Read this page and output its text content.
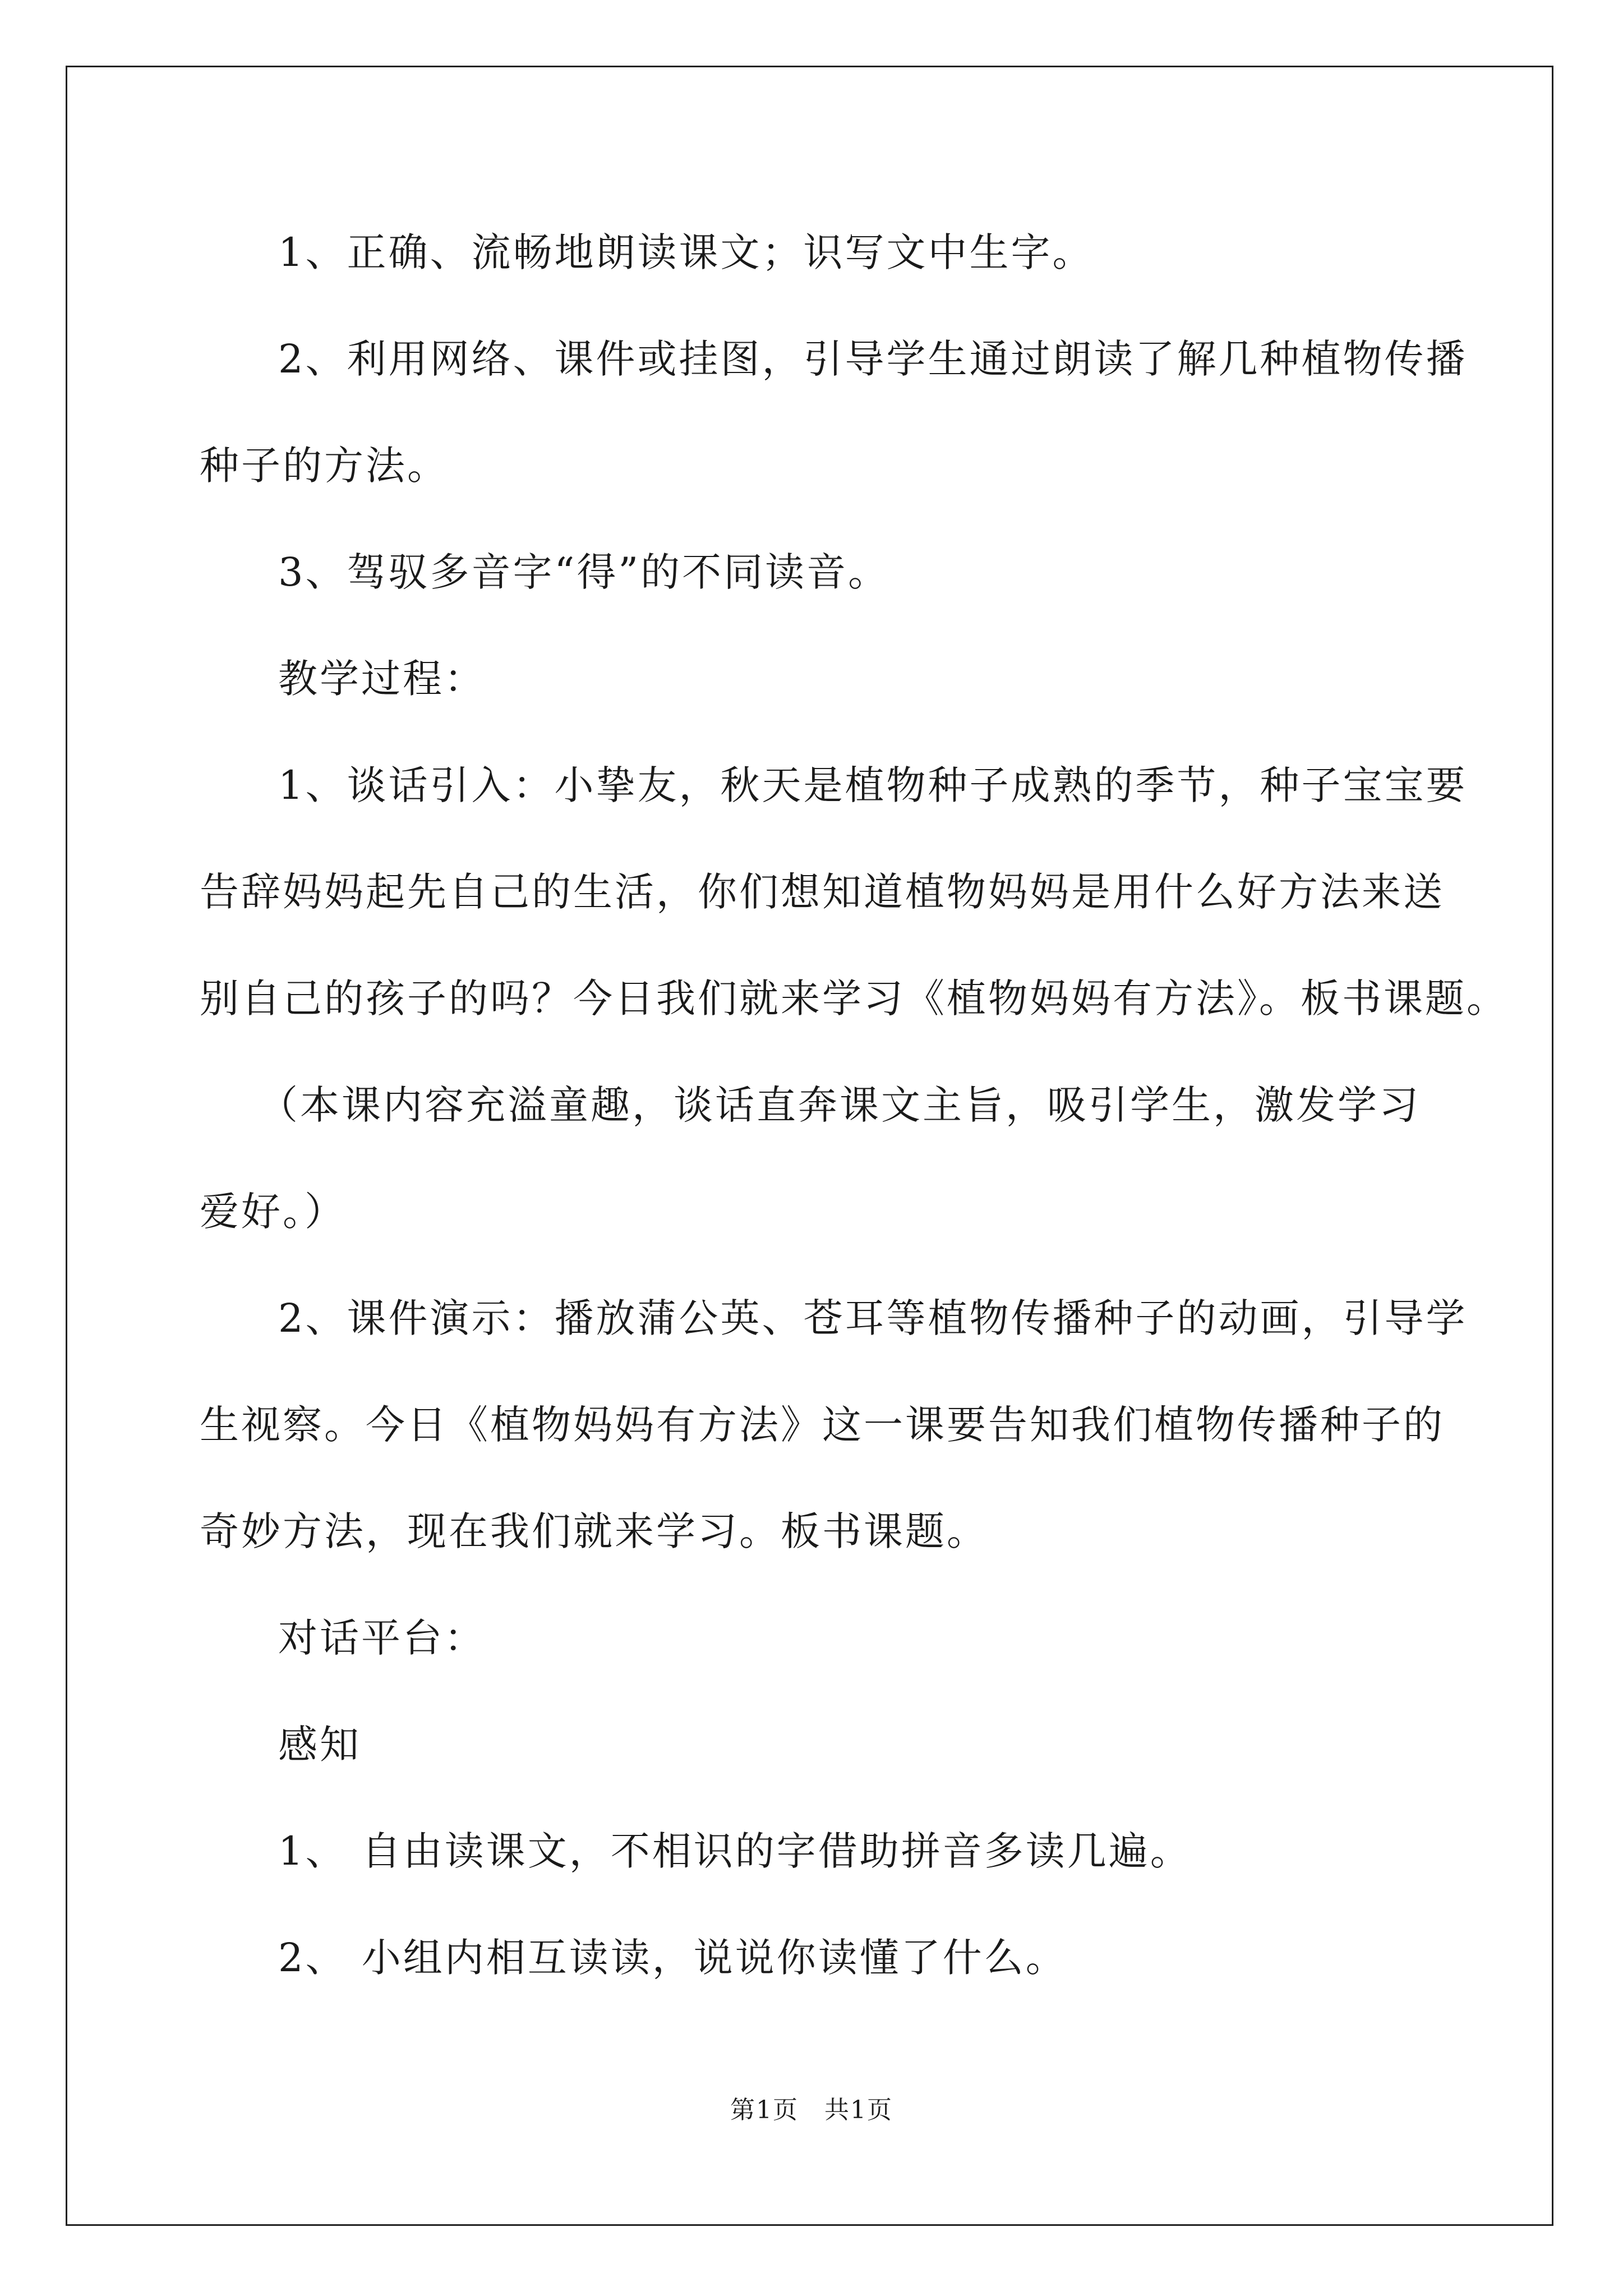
1、正确、流畅地朗读课文；识写文中生字。
2、利用网络、课件或挂图，引导学生通过朗读了解几种植物传播
种子的方法。
3、驾驭多音字“得”的不同读音。
教学过程：
1、谈话引入：小挚友，秋天是植物种子成熟的季节，种子宝宝要
告辞妈妈起先自己的生活，你们想知道植物妈妈是用什么好方法来送
别自己的孩子的吗？今日我们就来学习《植物妈妈有方法》。板书课题。
（本课内容充溢童趣，谈话直奔课文主旨，吸引学生，激发学习
爱好。）
2、课件演示：播放蒲公英、苍耳等植物传播种子的动画，引导学
生视察。今日《植物妈妈有方法》这一课要告知我们植物传播种子的
奇妙方法，现在我们就来学习。板书课题。
对话平台：
感知
1、 自由读课文，不相识的字借助拼音多读几遍。
2、 小组内相互读读，说说你读懂了什么。
第1页　共1页
